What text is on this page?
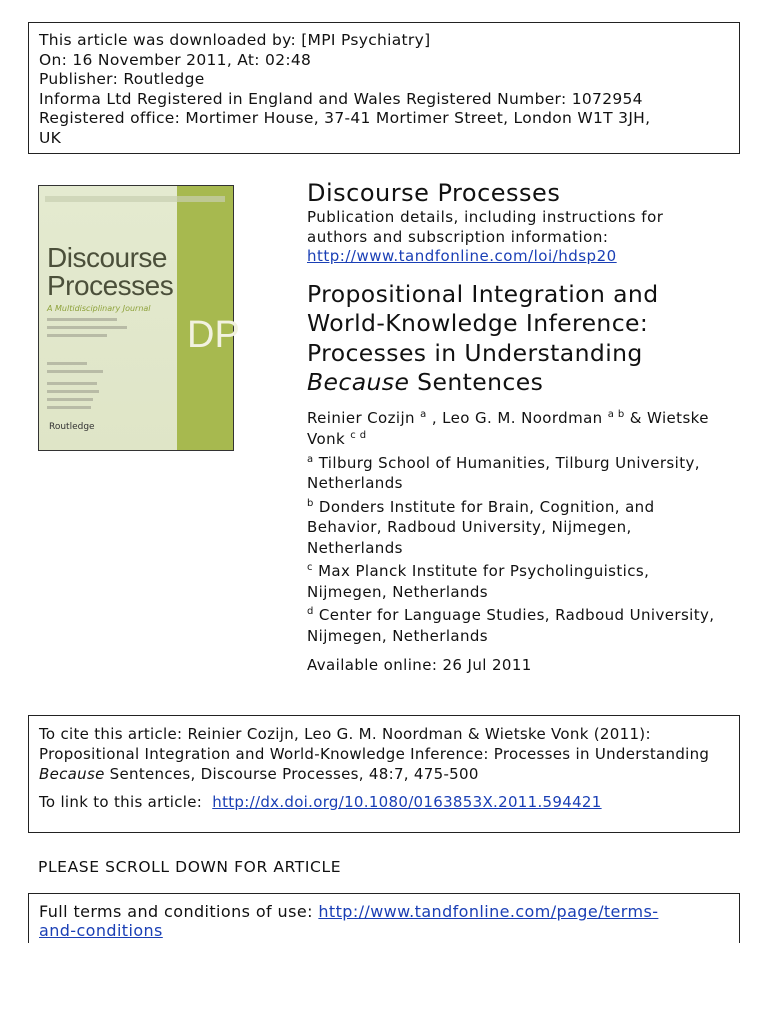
This article was downloaded by: [MPI Psychiatry]
On: 16 November 2011, At: 02:48
Publisher: Routledge
Informa Ltd Registered in England and Wales Registered Number: 1072954
Registered office: Mortimer House, 37-41 Mortimer Street, London W1T 3JH,
UK
Discourse
Processes
A Multidisciplinary Journal
DP
Routledge
Discourse Processes
Publication details, including instructions for
authors and subscription information:
http://www.tandfonline.com/loi/hdsp20
Propositional Integration and
World-Knowledge Inference:
Processes in Understanding
Because Sentences
Reinier Cozijn $^a$ , Leo G. M. Noordman $^{a b}$ & Wietske
Vonk $^{c d}$
$^a$ Tilburg School of Humanities, Tilburg University,
Netherlands
$^b$ Donders Institute for Brain, Cognition, and
Behavior, Radboud University, Nijmegen,
Netherlands
$^c$ Max Planck Institute for Psycholinguistics,
Nijmegen, Netherlands
$^d$ Center for Language Studies, Radboud University,
Nijmegen, Netherlands
Available online: 26 Jul 2011
To cite this article: Reinier Cozijn, Leo G. M. Noordman & Wietske Vonk (2011):
Propositional Integration and World-Knowledge Inference: Processes in Understanding
Because Sentences, Discourse Processes, 48:7, 475-500
To link to this article: http://dx.doi.org/10.1080/0163853X.2011.594421
PLEASE SCROLL DOWN FOR ARTICLE
Full terms and conditions of use: http://www.tandfonline.com/page/terms-
and-conditions
